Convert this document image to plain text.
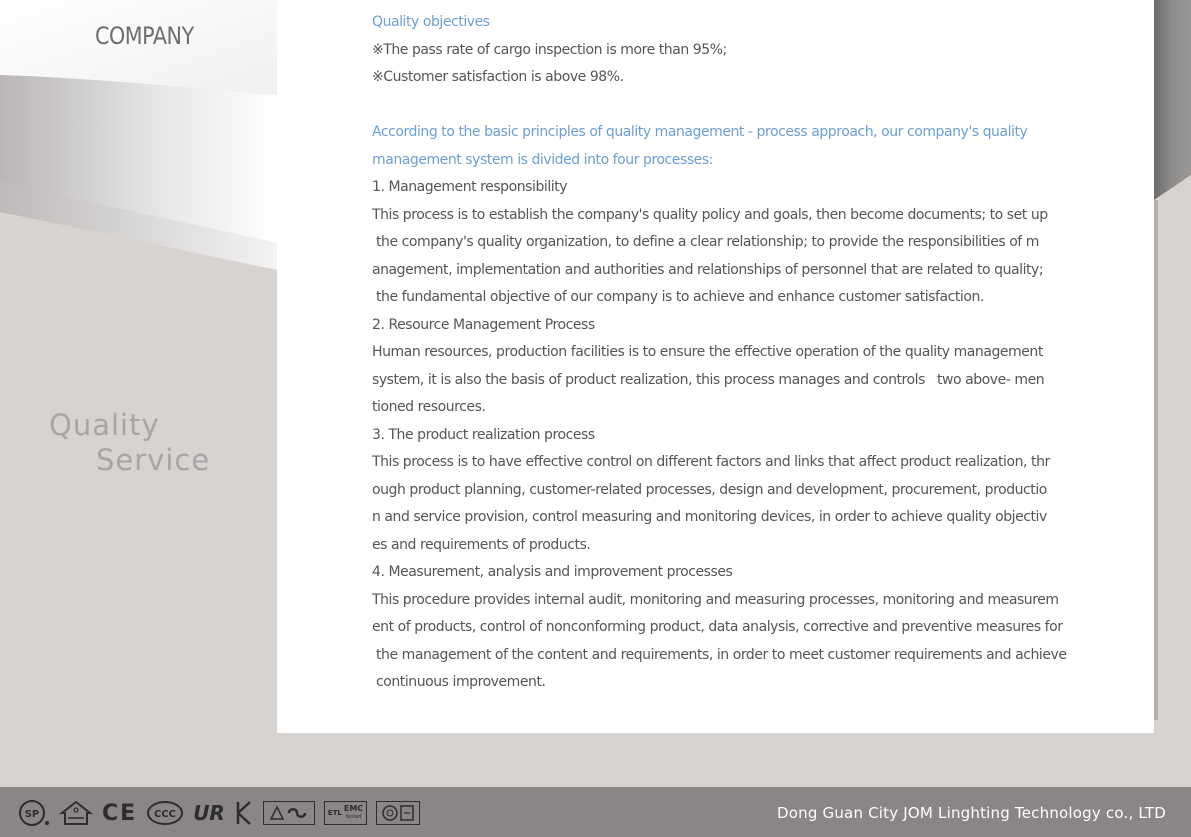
COMPANY
Quality
Service

Quality objectives

※The pass rate of cargo inspection is more than 95%;

※Customer satisfaction is above 98%.

According to the basic principles of quality management - process approach, our company's quality

management system is divided into four processes:

1. Management responsibility

This process is to establish the company's quality policy and goals, then become documents; to set up

the company's quality organization, to define a clear relationship; to provide the responsibilities of m

anagement, implementation and authorities and relationships of personnel that are related to quality;

the fundamental objective of our company is to achieve and enhance customer satisfaction.

2. Resource Management Process

Human resources, production facilities is to ensure the effective operation of the quality management

system, it is also the basis of product realization, this process manages and controls   two above- men

tioned resources.

3. The product realization process

This process is to have effective control on different factors and links that affect product realization, thr

ough product planning, customer-related processes, design and development, procurement, productio

n and service provision, control measuring and monitoring devices, in order to achieve quality objectiv

es and requirements of products.

4. Measurement, analysis and improvement processes

This procedure provides internal audit, monitoring and measuring processes, monitoring and measurem

ent of products, control of nonconforming product, data analysis, corrective and preventive measures for

the management of the content and requirements, in order to meet customer requirements and achieve

continuous improvement.

SP	CE CCC UR	ETL EMC
tested	Dong Guan City JOM Linghting Technology co., LTD
